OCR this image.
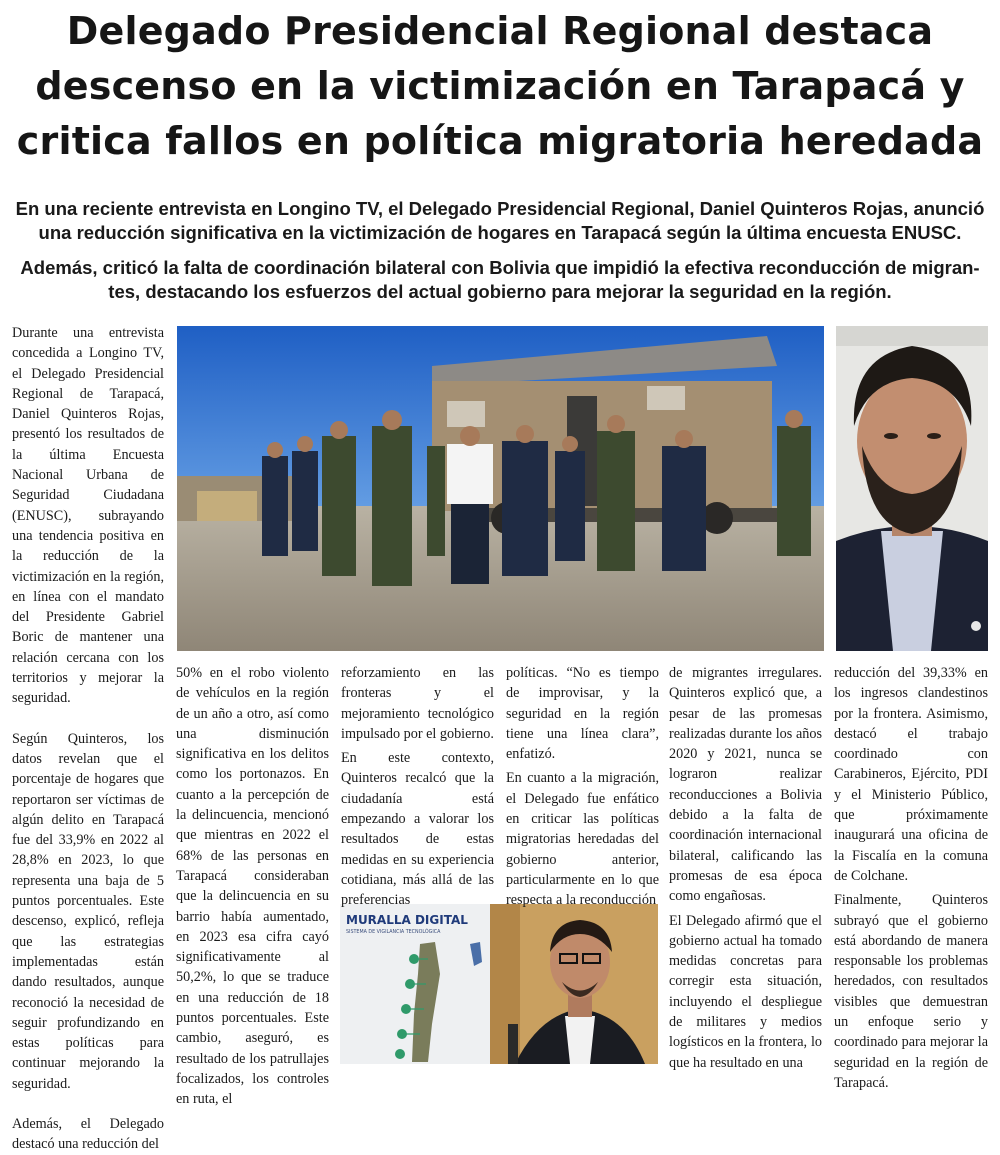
Delegado Presidencial Regional destaca
descenso en la victimización en Tarapacá y
critica fallos en política migratoria heredada
En una reciente entrevista en Longino TV, el Delegado Presidencial Regional, Daniel Quinteros Rojas, anunció
una reducción significativa en la victimización de hogares en Tarapacá según la última encuesta ENUSC.
Además, criticó la falta de coordinación bilateral con Bolivia que impidió la efectiva reconducción de migran-
tes, destacando los esfuerzos del actual gobierno para mejorar la seguridad en la región.
MURALLA DIGITAL
SISTEMA DE VIGILANCIA TECNOLÓGICA

Durante una entrevista concedida a Longino TV, el Delegado Presidencial Regional de Tarapacá, Daniel Quinteros Rojas, presentó los resultados de la última Encuesta Nacional Urbana de Seguridad Ciudadana (ENUSC), subrayando una tendencia positiva en la reducción de la victimización en la región, en línea con el mandato del Presidente Gabriel Boric de mantener una relación cercana con los territorios y mejorar la seguridad.

Según Quinteros, los datos revelan que el porcentaje de hogares que reportaron ser víctimas de algún delito en Tarapacá fue del 33,9% en 2022 al 28,8% en 2023, lo que representa una baja de 5 puntos porcentuales. Este descenso, explicó, refleja que las estrategias implementadas están dando resultados, aunque reconoció la necesidad de seguir profundizando en estas políticas para continuar mejorando la seguridad.

Además, el Delegado destacó una reducción del

50% en el robo violento de vehículos en la región de un año a otro, así como una disminución significativa en los delitos como los portonazos. En cuanto a la percepción de la delincuencia, mencionó que mientras en 2022 el 68% de las personas en Tarapacá consideraban que la delincuencia en su barrio había aumentado, en 2023 esa cifra cayó significativamente al 50,2%, lo que se traduce en una reducción de 18 puntos porcentuales. Este cambio, aseguró, es resultado de los patrullajes focalizados, los controles en ruta, el

reforzamiento en las fronteras y el mejoramiento tecnológico impulsado por el gobierno.

En este contexto, Quinteros recalcó que la ciudadanía está empezando a valorar los resultados de estas medidas en su experiencia cotidiana, más allá de las preferencias

políticas. “No es tiempo de improvisar, y la seguridad en la región tiene una línea clara”, enfatizó.

En cuanto a la migración, el Delegado fue enfático en criticar las políticas migratorias heredadas del gobierno anterior, particularmente en lo que respecta a la reconducción

de migrantes irregulares. Quinteros explicó que, a pesar de las promesas realizadas durante los años 2020 y 2021, nunca se lograron realizar reconducciones a Bolivia debido a la falta de coordinación internacional bilateral, calificando las promesas de esa época como engañosas.

El Delegado afirmó que el gobierno actual ha tomado medidas concretas para corregir esta situación, incluyendo el despliegue de militares y medios logísticos en la frontera, lo que ha resultado en una

reducción del 39,33% en los ingresos clandestinos por la frontera. Asimismo, destacó el trabajo coordinado con Carabineros, Ejército, PDI y el Ministerio Público, que próximamente inaugurará una oficina de la Fiscalía en la comuna de Colchane.

Finalmente, Quinteros subrayó que el gobierno está abordando de manera responsable los problemas heredados, con resultados visibles que demuestran un enfoque serio y coordinado para mejorar la seguridad en la región de Tarapacá.
